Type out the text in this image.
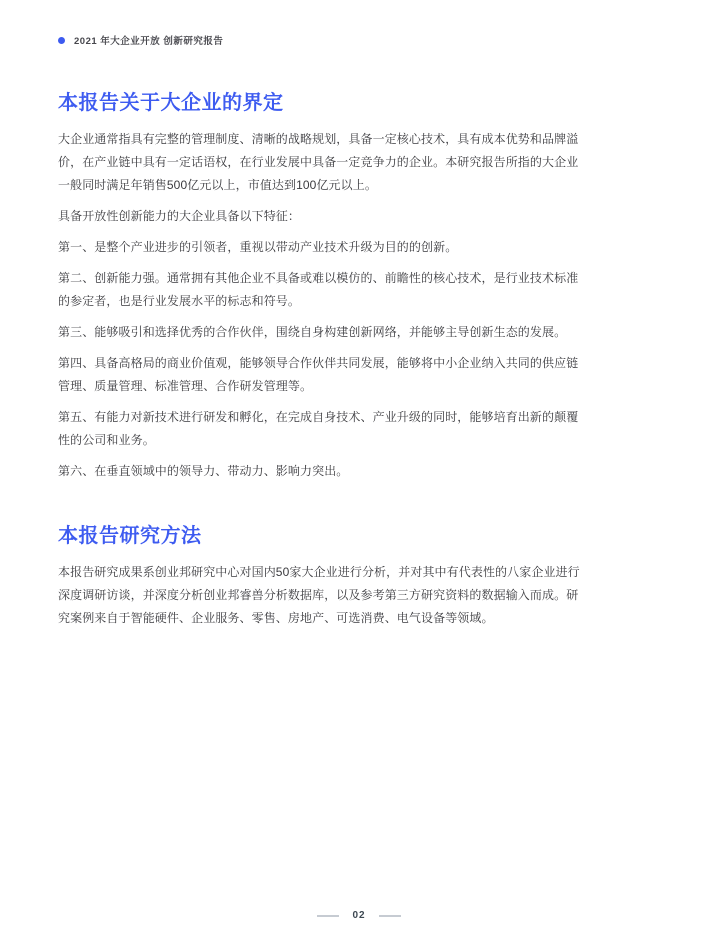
2021 年大企业开放 创新研究报告
本报告关于大企业的界定

大企业通常指具有完整的管理制度、清晰的战略规划，具备一定核心技术，具有成本优势和品牌溢价，在产业链中具有一定话语权，在行业发展中具备一定竞争力的企业。本研究报告所指的大企业一般同时满足年销售500亿元以上，市值达到100亿元以上。

具备开放性创新能力的大企业具备以下特征：

第一、是整个产业进步的引领者，重视以带动产业技术升级为目的的创新。

第二、创新能力强。通常拥有其他企业不具备或难以模仿的、前瞻性的核心技术，是行业技术标准的参定者，也是行业发展水平的标志和符号。

第三、能够吸引和选择优秀的合作伙伴，围绕自身构建创新网络，并能够主导创新生态的发展。

第四、具备高格局的商业价值观，能够领导合作伙伴共同发展，能够将中小企业纳入共同的供应链管理、质量管理、标准管理、合作研发管理等。

第五、有能力对新技术进行研发和孵化，在完成自身技术、产业升级的同时，能够培育出新的颠覆性的公司和业务。

第六、在垂直领域中的领导力、带动力、影响力突出。

本报告研究方法

本报告研究成果系创业邦研究中心对国内50家大企业进行分析，并对其中有代表性的八家企业进行深度调研访谈，并深度分析创业邦睿兽分析数据库，以及参考第三方研究资料的数据输入而成。研究案例来自于智能硬件、企业服务、零售、房地产、可选消费、电气设备等领域。

02
